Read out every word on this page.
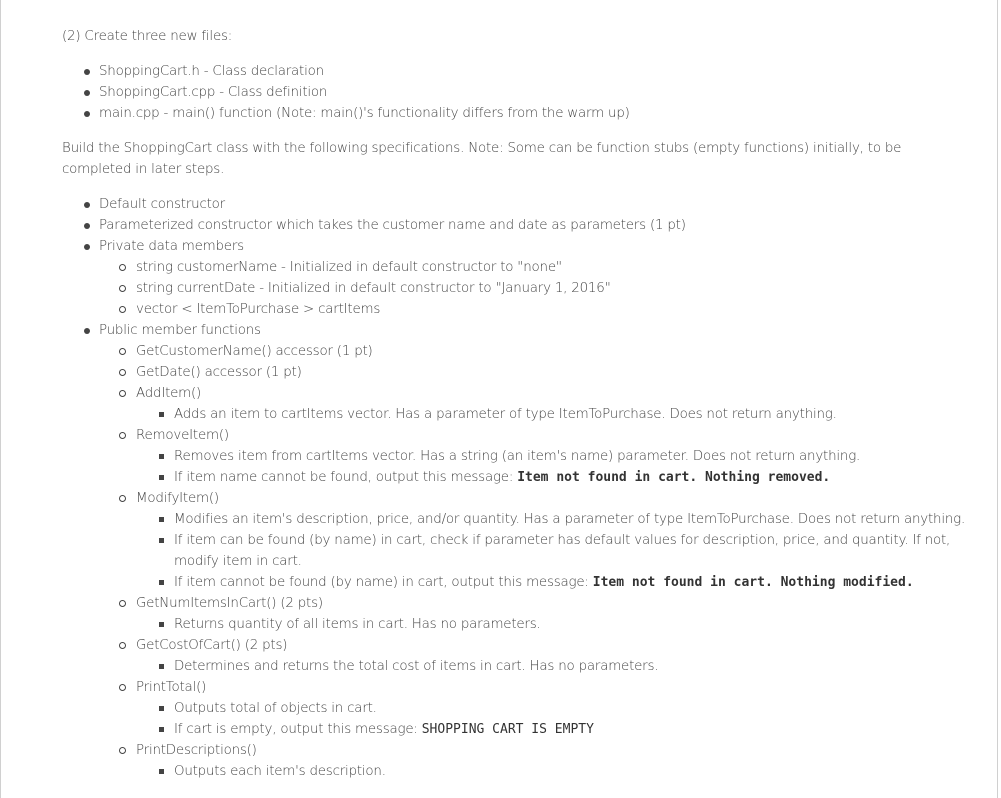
(2) Create three new files:

ShoppingCart.h - Class declaration
ShoppingCart.cpp - Class definition
main.cpp - main() function (Note: main()'s functionality differs from the warm up)

Build the ShoppingCart class with the following specifications. Note: Some can be function stubs (empty functions) initially, to be completed in later steps.

Default constructor
Parameterized constructor which takes the customer name and date as parameters (1 pt)
Private data members
string customerName - Initialized in default constructor to "none"
string currentDate - Initialized in default constructor to "January 1, 2016"
vector < ItemToPurchase > cartItems
Public member functions
GetCustomerName() accessor (1 pt)
GetDate() accessor (1 pt)
AddItem()
Adds an item to cartItems vector. Has a parameter of type ItemToPurchase. Does not return anything.
RemoveItem()
Removes item from cartItems vector. Has a string (an item's name) parameter. Does not return anything.
If item name cannot be found, output this message: Item not found in cart. Nothing removed.
ModifyItem()
Modifies an item's description, price, and/or quantity. Has a parameter of type ItemToPurchase. Does not return anything.
If item can be found (by name) in cart, check if parameter has default values for description, price, and quantity. If not, modify item in cart.
If item cannot be found (by name) in cart, output this message: Item not found in cart. Nothing modified.
GetNumItemsInCart() (2 pts)
Returns quantity of all items in cart. Has no parameters.
GetCostOfCart() (2 pts)
Determines and returns the total cost of items in cart. Has no parameters.
PrintTotal()
Outputs total of objects in cart.
If cart is empty, output this message: SHOPPING CART IS EMPTY
PrintDescriptions()
Outputs each item's description.
